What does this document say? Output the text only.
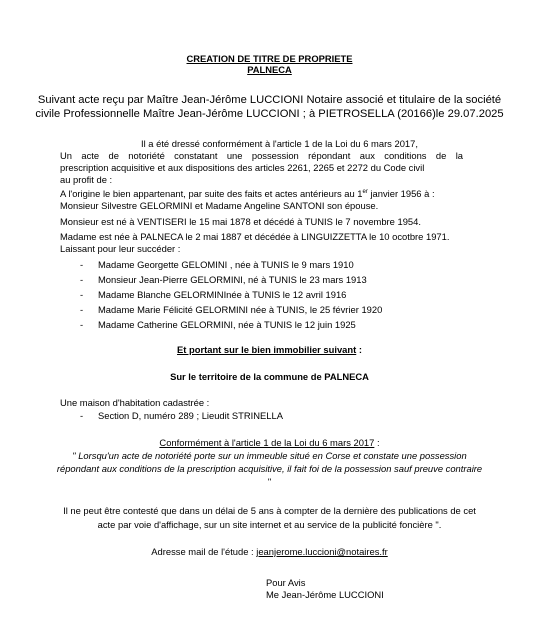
CREATION DE TITRE DE PROPRIETE
PALNECA
Suivant acte reçu par Maître Jean-Jérôme LUCCIONI Notaire associé et titulaire de la société
civile Professionnelle Maître Jean-Jérôme LUCCIONI ; à PIETROSELLA (20166)le 29.07.2025
Il a été dressé conformément à l'article 1 de la Loi du 6 mars 2017,
Un acte de notoriété constatant une possession répondant aux conditions de la
prescription acquisitive et aux dispositions des articles 2261, 2265 et 2272 du Code civil
au profit de :
A l'origine le bien appartenant, par suite des faits et actes antérieurs au 1er janvier 1956 à :
Monsieur Silvestre GELORMINI et Madame Angeline SANTONI son épouse.
Monsieur est né à VENTISERI le 15 mai 1878 et décédé à TUNIS le 7 novembre 1954.
Madame est née à PALNECA le 2 mai 1887 et décédée à LINGUIZZETTA le 10 ocotbre 1971.
Laissant pour leur succéder :
- Madame Georgette GELOMINI , née à TUNIS le 9 mars 1910
- Monsieur Jean-Pierre GELORMINI, né à TUNIS le 23 mars 1913
- Madame Blanche GELORMINInée à TUNIS le 12 avril 1916
- Madame Marie Félicité GELORMINI née à TUNIS, le 25 février 1920
- Madame Catherine GELORMINI, née à TUNIS le 12 juin 1925
Et portant sur le bien immobilier suivant :
Sur le territoire de la commune de PALNECA
Une maison d'habitation cadastrée :
- Section D, numéro 289 ; Lieudit STRINELLA
Conformément à l'article 1 de la Loi du 6 mars 2017 :
" Lorsqu'un acte de notoriété porte sur un immeuble situé en Corse et constate une possession
répondant aux conditions de la prescription acquisitive, il fait foi de la possession sauf preuve contraire
"
Il ne peut être contesté que dans un délai de 5 ans à compter de la dernière des publications de cet
acte par voie d'affichage, sur un site internet et au service de la publicité foncière ".
Adresse mail de l'étude : jeanjerome.luccioni@notaires.fr
Pour Avis
Me Jean-Jérôme LUCCIONI
